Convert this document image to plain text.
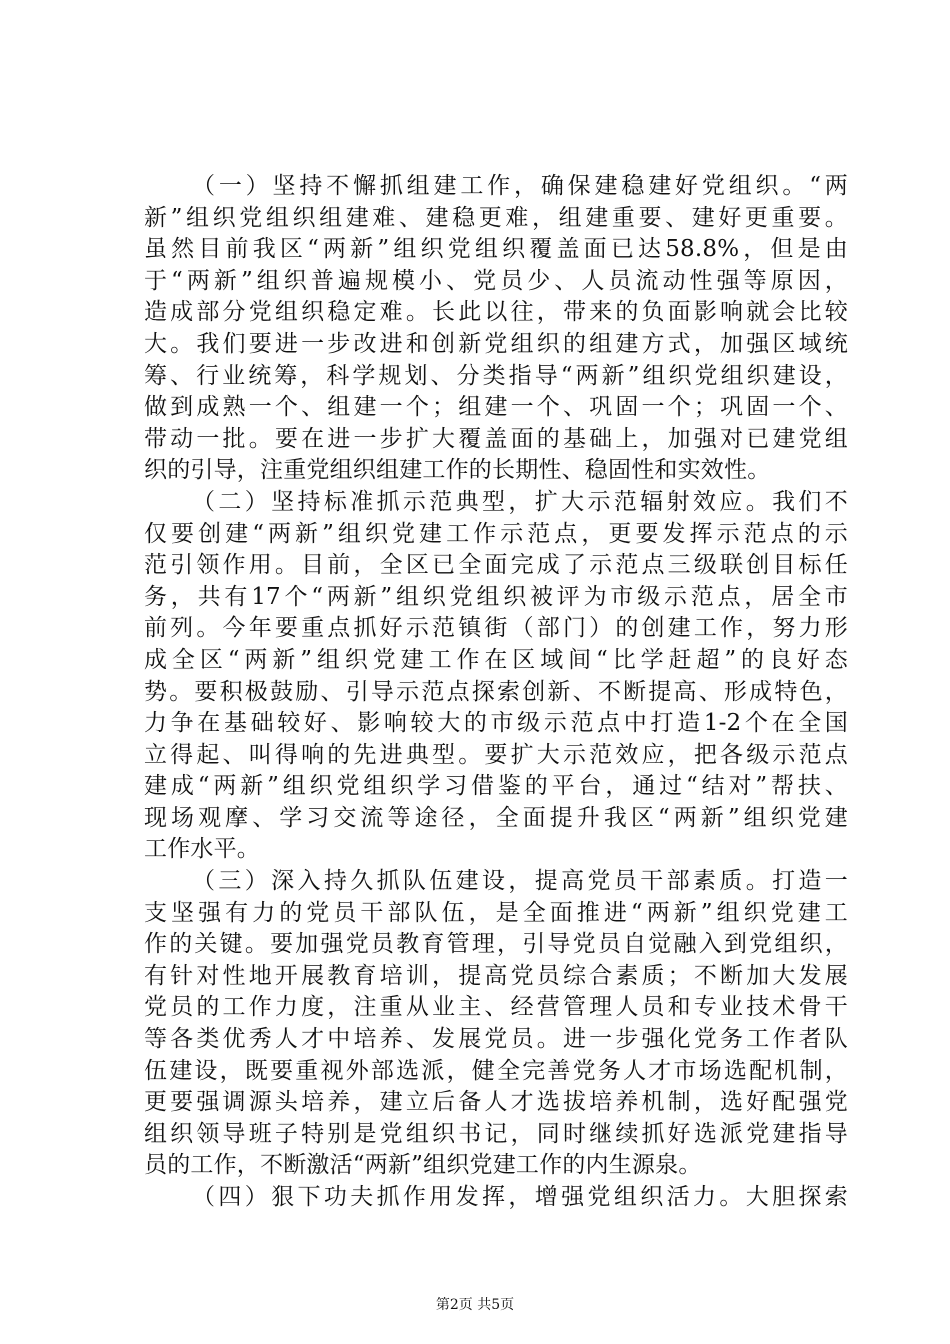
（一）坚持不懈抓组建工作，确保建稳建好党组织。“两
新”组织党组织组建难、建稳更难，组建重要、建好更重要。
虽然目前我区“两新”组织党组织覆盖面已达58.8%，但是由
于“两新”组织普遍规模小、党员少、人员流动性强等原因，
造成部分党组织稳定难。长此以往，带来的负面影响就会比较
大。我们要进一步改进和创新党组织的组建方式，加强区域统
筹、行业统筹，科学规划、分类指导“两新”组织党组织建设，
做到成熟一个、组建一个；组建一个、巩固一个；巩固一个、
带动一批。要在进一步扩大覆盖面的基础上，加强对已建党组
织的引导，注重党组织组建工作的长期性、稳固性和实效性。
（二）坚持标准抓示范典型，扩大示范辐射效应。我们不
仅要创建“两新”组织党建工作示范点，更要发挥示范点的示
范引领作用。目前，全区已全面完成了示范点三级联创目标任
务，共有17个“两新”组织党组织被评为市级示范点，居全市
前列。今年要重点抓好示范镇街（部门）的创建工作，努力形
成全区“两新”组织党建工作在区域间“比学赶超”的良好态
势。要积极鼓励、引导示范点探索创新、不断提高、形成特色，
力争在基础较好、影响较大的市级示范点中打造1-2个在全国
立得起、叫得响的先进典型。要扩大示范效应，把各级示范点
建成“两新”组织党组织学习借鉴的平台，通过“结对”帮扶、
现场观摩、学习交流等途径，全面提升我区“两新”组织党建
工作水平。
（三）深入持久抓队伍建设，提高党员干部素质。打造一
支坚强有力的党员干部队伍，是全面推进“两新”组织党建工
作的关键。要加强党员教育管理，引导党员自觉融入到党组织，
有针对性地开展教育培训，提高党员综合素质；不断加大发展
党员的工作力度，注重从业主、经营管理人员和专业技术骨干
等各类优秀人才中培养、发展党员。进一步强化党务工作者队
伍建设，既要重视外部选派，健全完善党务人才市场选配机制，
更要强调源头培养，建立后备人才选拔培养机制，选好配强党
组织领导班子特别是党组织书记，同时继续抓好选派党建指导
员的工作，不断激活“两新”组织党建工作的内生源泉。
（四）狠下功夫抓作用发挥，增强党组织活力。大胆探索
第2页 共5页
